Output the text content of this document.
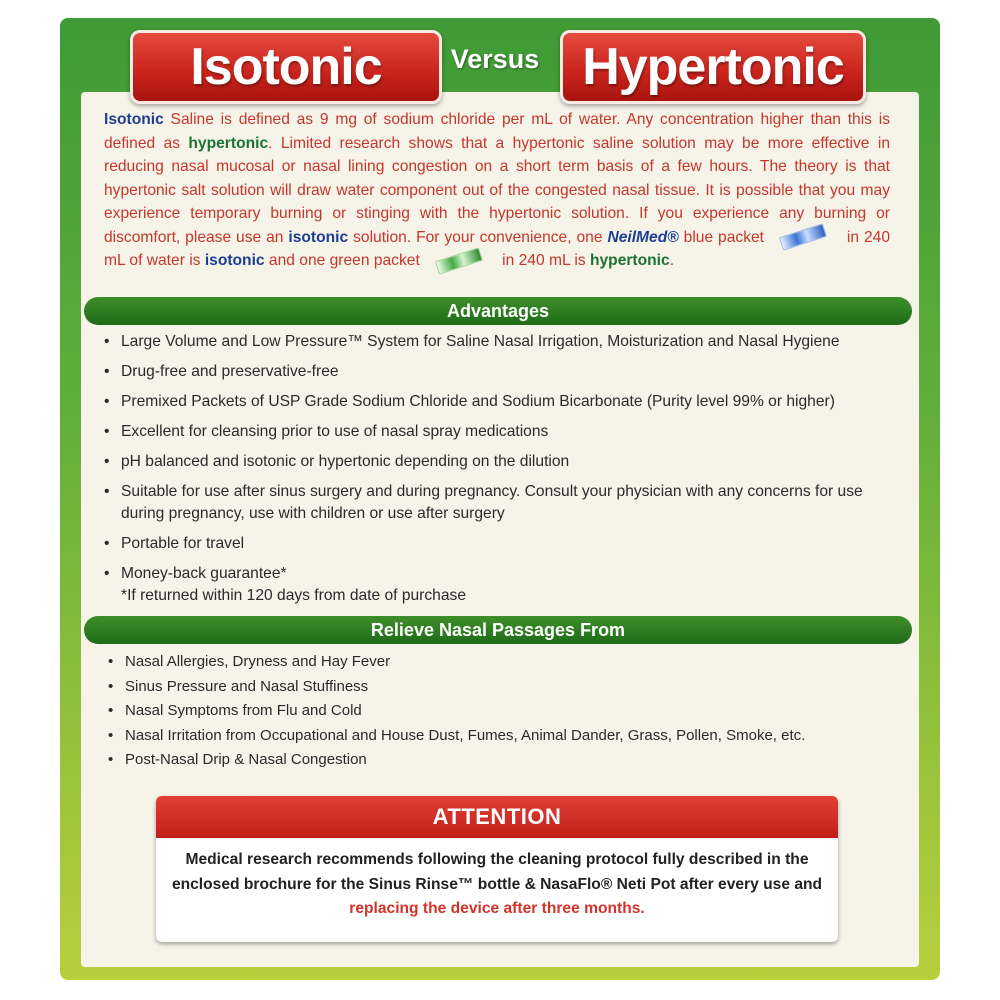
Isotonic	Versus Hypertonic
Isotonic Saline is defined as 9 mg of sodium chloride per mL of water. Any concentration higher than this is defined as hypertonic. Limited research shows that a hypertonic saline solution may be more effective in reducing nasal mucosal or nasal lining congestion on a short term basis of a few hours. The theory is that hypertonic salt solution will draw water component out of the congested nasal tissue. It is possible that you may experience temporary burning or stinging with the hypertonic solution. If you experience any burning or discomfort, please use an isotonic solution. For your convenience, one NeilMed® blue packet	in 240 mL of water is isotonic and one green packet	in 240 mL is hypertonic.
Advantages
• Large Volume and Low Pressure™ System for Saline Nasal Irrigation, Moisturization and Nasal Hygiene
• Drug-free and preservative-free
• Premixed Packets of USP Grade Sodium Chloride and Sodium Bicarbonate (Purity level 99% or higher)
• Excellent for cleansing prior to use of nasal spray medications
• pH balanced and isotonic or hypertonic depending on the dilution
• Suitable for use after sinus surgery and during pregnancy. Consult your physician with any concerns for use during pregnancy, use with children or use after surgery
• Portable for travel
• Money-back guarantee*
*If returned within 120 days from date of purchase
Relieve Nasal Passages From
• Nasal Allergies, Dryness and Hay Fever
• Sinus Pressure and Nasal Stuffiness
• Nasal Symptoms from Flu and Cold
• Nasal Irritation from Occupational and House Dust, Fumes, Animal Dander, Grass, Pollen, Smoke, etc.
• Post-Nasal Drip & Nasal Congestion
ATTENTION
Medical research recommends following the cleaning protocol fully described in the enclosed brochure for the Sinus Rinse™ bottle & NasaFlo® Neti Pot after every use and replacing the device after three months.
